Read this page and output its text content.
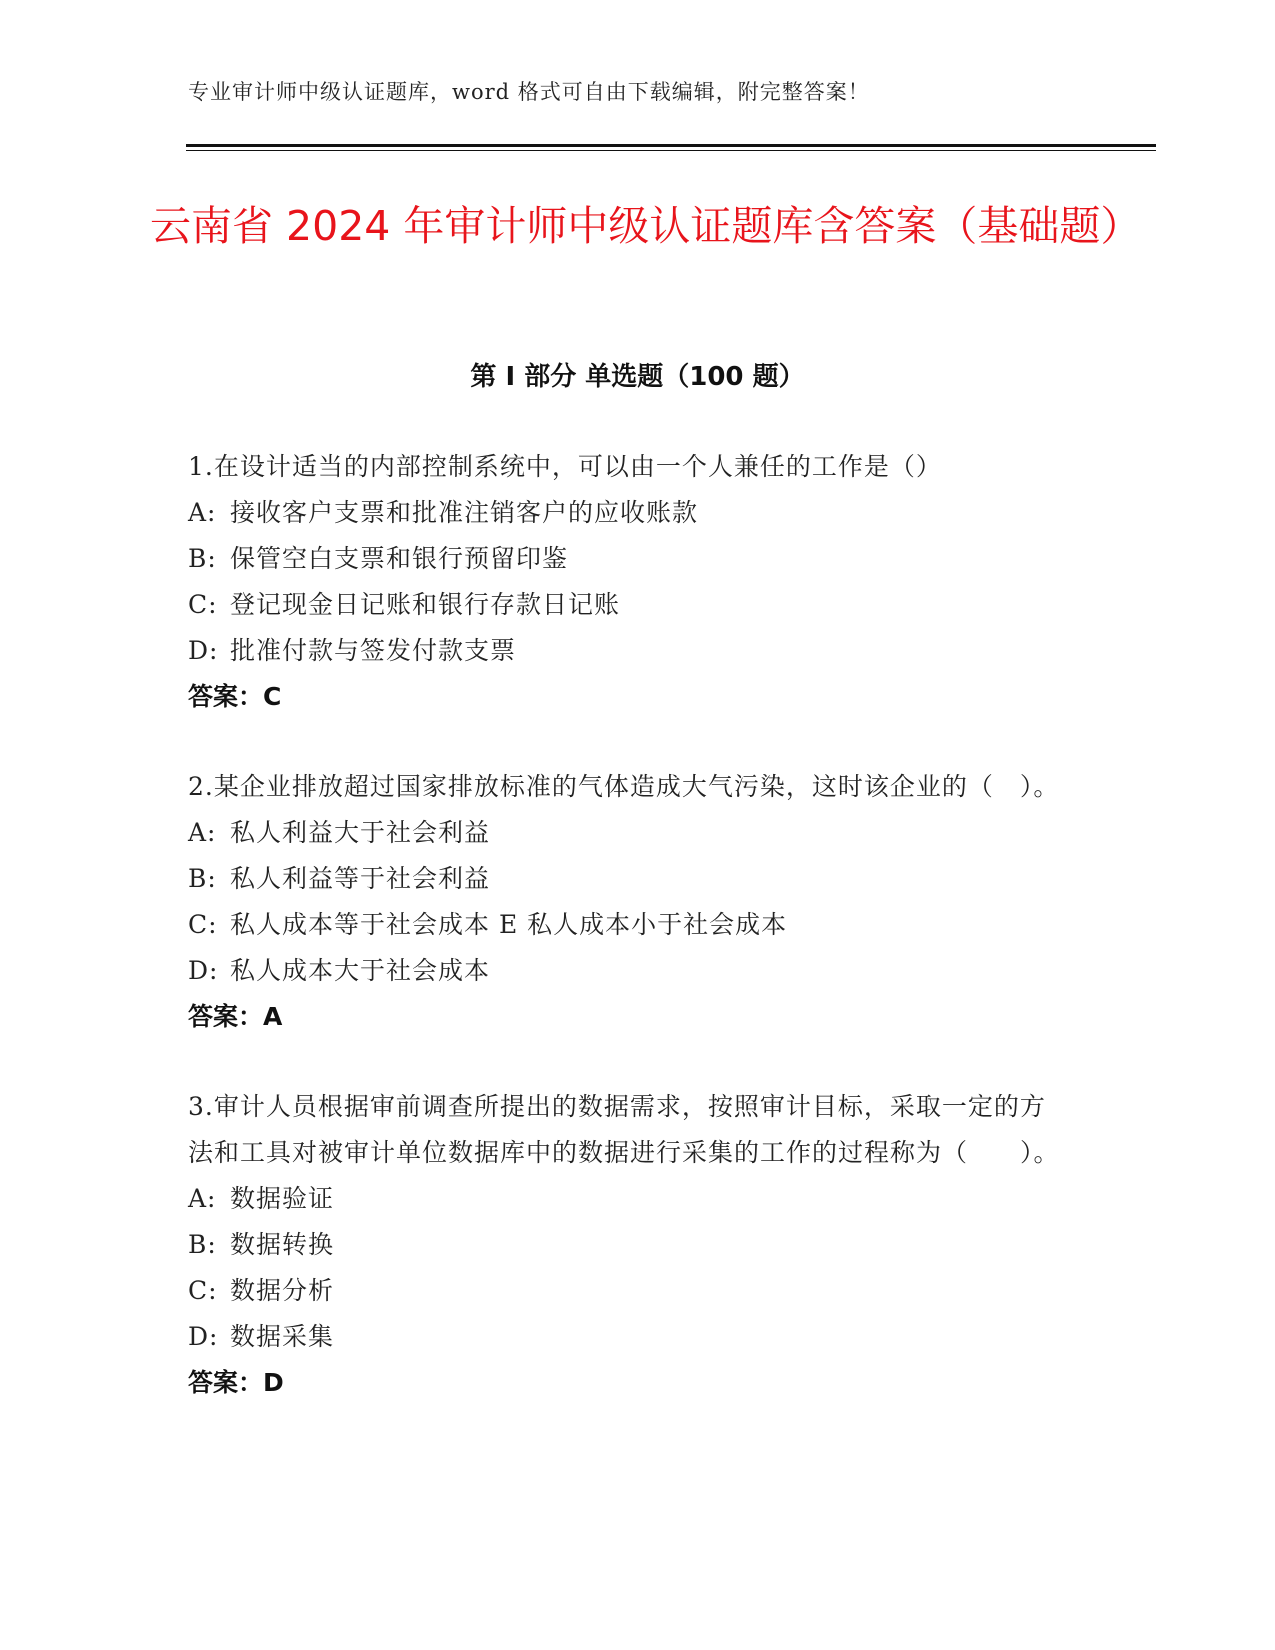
专业审计师中级认证题库，word 格式可自由下载编辑，附完整答案！
云南省 2024 年审计师中级认证题库含答案（基础题）
第 I 部分 单选题（100 题）
1.在设计适当的内部控制系统中，可以由一个人兼任的工作是（）
A: 接收客户支票和批准注销客户的应收账款
B: 保管空白支票和银行预留印鉴
C: 登记现金日记账和银行存款日记账
D: 批准付款与签发付款支票
答案：C
2.某企业排放超过国家排放标准的气体造成大气污染，这时该企业的（　）。
A: 私人利益大于社会利益
B: 私人利益等于社会利益
C: 私人成本等于社会成本 E 私人成本小于社会成本
D: 私人成本大于社会成本
答案：A
3.审计人员根据审前调查所提出的数据需求，按照审计目标，采取一定的方法和工具对被审计单位数据库中的数据进行采集的工作的过程称为（　　）。
A: 数据验证
B: 数据转换
C: 数据分析
D: 数据采集
答案：D
